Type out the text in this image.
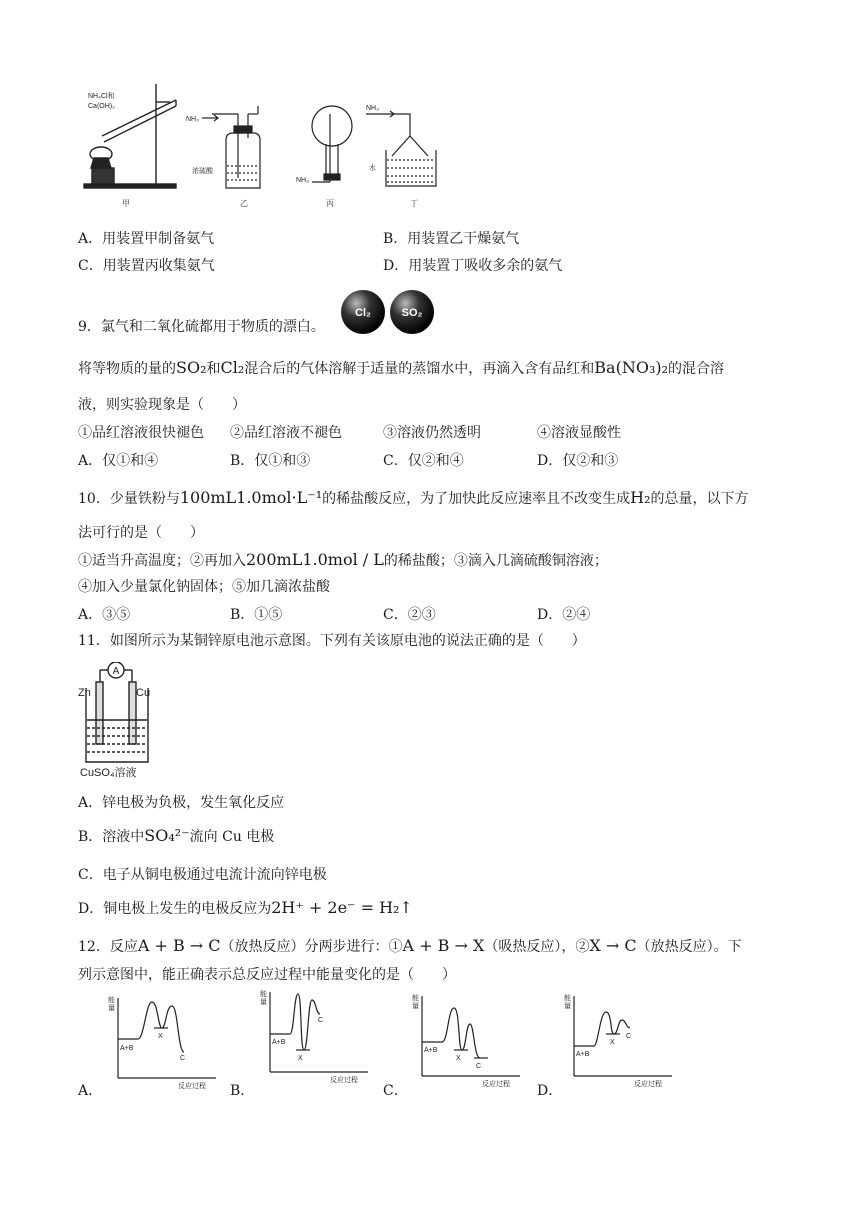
NH₄Cl和
Ca(OH)₂
甲
NH₃
浓硫酸
乙
NH₃
丙
NH₃
水
丁
A．用装置甲制备氨气	B．用装置乙干燥氨气
C．用装置丙收集氨气	D．用装置丁吸收多余的氨气
9．氯气和二氧化硫都用于物质的漂白。
Cl₂	SO₂
将等物质的量的SO₂和Cl₂混合后的气体溶解于适量的蒸馏水中，再滴入含有品红和Ba(NO₃)₂的混合溶
液，则实验现象是（　　）
①品红溶液很快褪色 ②品红溶液不褪色	③溶液仍然透明	④溶液显酸性
A．仅①和④	B．仅①和③	C．仅②和④	D．仅②和③
10．少量铁粉与100mL1.0mol·L⁻¹的稀盐酸反应，为了加快此反应速率且不改变生成H₂的总量，以下方
法可行的是（　　）
①适当升高温度；②再加入200mL1.0mol / L的稀盐酸；③滴入几滴硫酸铜溶液；
④加入少量氯化钠固体；⑤加几滴浓盐酸
A．③⑤	B．①⑤	C．②③	D．②④
11．如图所示为某铜锌原电池示意图。下列有关该原电池的说法正确的是（　　）
A
Zn	Cu
CuSO₄溶液
A．锌电极为负极，发生氧化反应
B．溶液中SO₄²⁻流向 Cu 电极
C．电子从铜电极通过电流计流向锌电极
D．铜电极上发生的电极反应为2H⁺ + 2e⁻ = H₂↑
12．反应A + B → C（放热反应）分两步进行：①A + B → X（吸热反应），②X → C（放热反应）。下
列示意图中，能正确表示总反应过程中能量变化的是（　　）
能
量
A+B
X
C
反应过程
A．
能
量
A+B
X
C
反应过程
B．
能
量
A+B
X
C
反应过程
C．
能
量
A+B
X
C
反应过程
D．
